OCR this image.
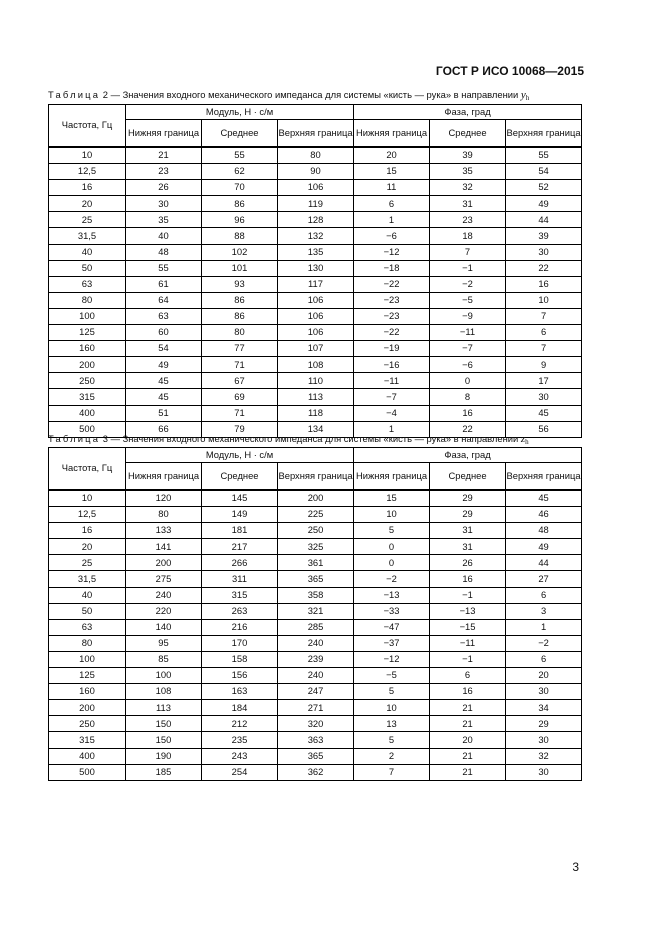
ГОСТ Р ИСО 10068—2015
Таблица 2 — Значения входного механического импеданса для системы «кисть — рука» в направлении $y_h$
Частота, Гц	Модуль, Н · с/м			Фаза, град		
	Нижняя граница	Среднее	Верхняя граница	Нижняя граница	Среднее	Верхняя граница
10	21	55	80	20	39	55
12,5	23	62	90	15	35	54
16	26	70	106	11	32	52
20	30	86	119	6	31	49
25	35	96	128	1	23	44
31,5	40	88	132	−6	18	39
40	48	102	135	−12	7	30
50	55	101	130	−18	−1	22
63	61	93	117	−22	−2	16
80	64	86	106	−23	−5	10
100	63	86	106	−23	−9	7
125	60	80	106	−22	−11	6
160	54	77	107	−19	−7	7
200	49	71	108	−16	−6	9
250	45	67	110	−11	0	17
315	45	69	113	−7	8	30
400	51	71	118	−4	16	45
500	66	79	134	1	22	56
Таблица 3 — Значения входного механического импеданса для системы «кисть — рука» в направлении $z_h$
Частота, Гц	Модуль, Н · с/м			Фаза, град		
	Нижняя граница	Среднее	Верхняя граница	Нижняя граница	Среднее	Верхняя граница
10	120	145	200	15	29	45
12,5	80	149	225	10	29	46
16	133	181	250	5	31	48
20	141	217	325	0	31	49
25	200	266	361	0	26	44
31,5	275	311	365	−2	16	27
40	240	315	358	−13	−1	6
50	220	263	321	−33	−13	3
63	140	216	285	−47	−15	1
80	95	170	240	−37	−11	−2
100	85	158	239	−12	−1	6
125	100	156	240	−5	6	20
160	108	163	247	5	16	30
200	113	184	271	10	21	34
250	150	212	320	13	21	29
315	150	235	363	5	20	30
400	190	243	365	2	21	32
500	185	254	362	7	21	30
3
